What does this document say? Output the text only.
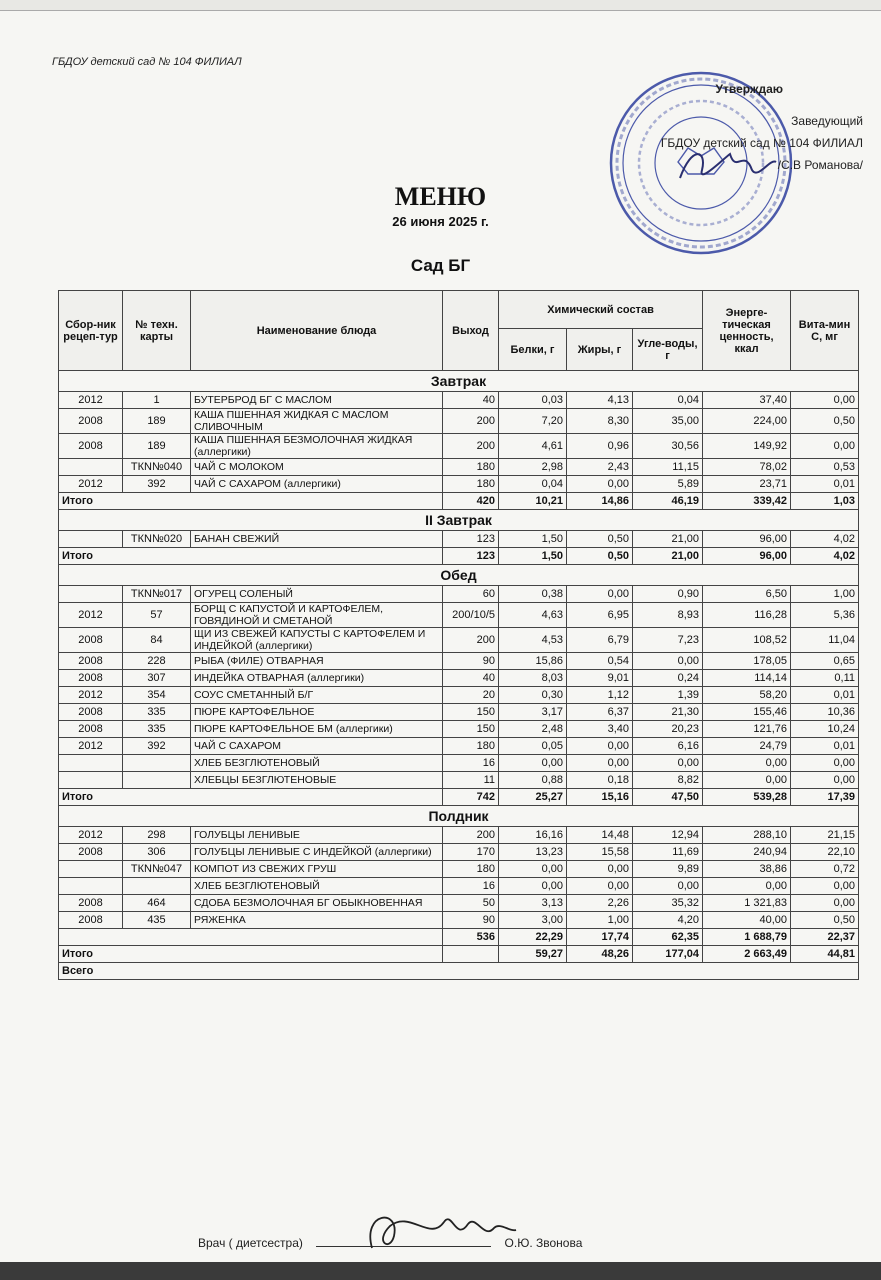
ГБДОУ детский сад № 104 ФИЛИАЛ
Утверждаю
Заведующий
ГБДОУ детский сад № 104 ФИЛИАЛ
/С.В Романова/
МЕНЮ
26 июня 2025 г.
Сад БГ
Сбор-ник рецеп-тур	№ техн. карты	Наименование блюда	Выход	Химический состав			Энерге-тическая ценность, ккал	Вита-мин С, мг
				Белки, г	Жиры, г	Угле-воды, г		
Завтрак								
2012	1	БУТЕРБРОД БГ С МАСЛОМ	40	0,03	4,13	0,04	37,40	0,00
2008	189	КАША ПШЕННАЯ ЖИДКАЯ С МАСЛОМ СЛИВОЧНЫМ	200	7,20	8,30	35,00	224,00	0,50
2008	189	КАША ПШЕННАЯ БЕЗМОЛОЧНАЯ ЖИДКАЯ (аллергики)	200	4,61	0,96	30,56	149,92	0,00
	ТКN№040	ЧАЙ С МОЛОКОМ	180	2,98	2,43	11,15	78,02	0,53
2012	392	ЧАЙ С САХАРОМ (аллергики)	180	0,04	0,00	5,89	23,71	0,01
Итого			420	10,21	14,86	46,19	339,42	1,03
II Завтрак								
	ТКN№020	БАНАН СВЕЖИЙ	123	1,50	0,50	21,00	96,00	4,02
Итого			123	1,50	0,50	21,00	96,00	4,02
Обед								
	ТКN№017	ОГУРЕЦ СОЛЕНЫЙ	60	0,38	0,00	0,90	6,50	1,00
2012	57	БОРЩ С КАПУСТОЙ И КАРТОФЕЛЕМ, ГОВЯДИНОЙ И СМЕТАНОЙ	200/10/5	4,63	6,95	8,93	116,28	5,36
2008	84	ЩИ ИЗ СВЕЖЕЙ КАПУСТЫ С КАРТОФЕЛЕМ И ИНДЕЙКОЙ (аллергики)	200	4,53	6,79	7,23	108,52	11,04
2008	228	РЫБА (ФИЛЕ) ОТВАРНАЯ	90	15,86	0,54	0,00	178,05	0,65
2008	307	ИНДЕЙКА ОТВАРНАЯ (аллергики)	40	8,03	9,01	0,24	114,14	0,11
2012	354	СОУС СМЕТАННЫЙ Б/Г	20	0,30	1,12	1,39	58,20	0,01
2008	335	ПЮРЕ КАРТОФЕЛЬНОЕ	150	3,17	6,37	21,30	155,46	10,36
2008	335	ПЮРЕ КАРТОФЕЛЬНОЕ БМ (аллергики)	150	2,48	3,40	20,23	121,76	10,24
2012	392	ЧАЙ С САХАРОМ	180	0,05	0,00	6,16	24,79	0,01
		ХЛЕБ БЕЗГЛЮТЕНОВЫЙ	16	0,00	0,00	0,00	0,00	0,00
		ХЛЕБЦЫ БЕЗГЛЮТЕНОВЫЕ	11	0,88	0,18	8,82	0,00	0,00
Итого			742	25,27	15,16	47,50	539,28	17,39
Полдник								
2012	298	ГОЛУБЦЫ ЛЕНИВЫЕ	200	16,16	14,48	12,94	288,10	21,15
2008	306	ГОЛУБЦЫ ЛЕНИВЫЕ С ИНДЕЙКОЙ (аллергики)	170	13,23	15,58	11,69	240,94	22,10
	ТКN№047	КОМПОТ ИЗ СВЕЖИХ ГРУШ	180	0,00	0,00	9,89	38,86	0,72
		ХЛЕБ БЕЗГЛЮТЕНОВЫЙ	16	0,00	0,00	0,00	0,00	0,00
2008	464	СДОБА БЕЗМОЛОЧНАЯ БГ ОБЫКНОВЕННАЯ	50	3,13	2,26	35,32	1 321,83	0,00
2008	435	РЯЖЕНКА	90	3,00	1,00	4,20	40,00	0,50
			536	22,29	17,74	62,35	1 688,79	22,37
Итого				59,27	48,26	177,04	2 663,49	44,81
Всего								
Врач ( диетсестра)	О.Ю. Звонова
